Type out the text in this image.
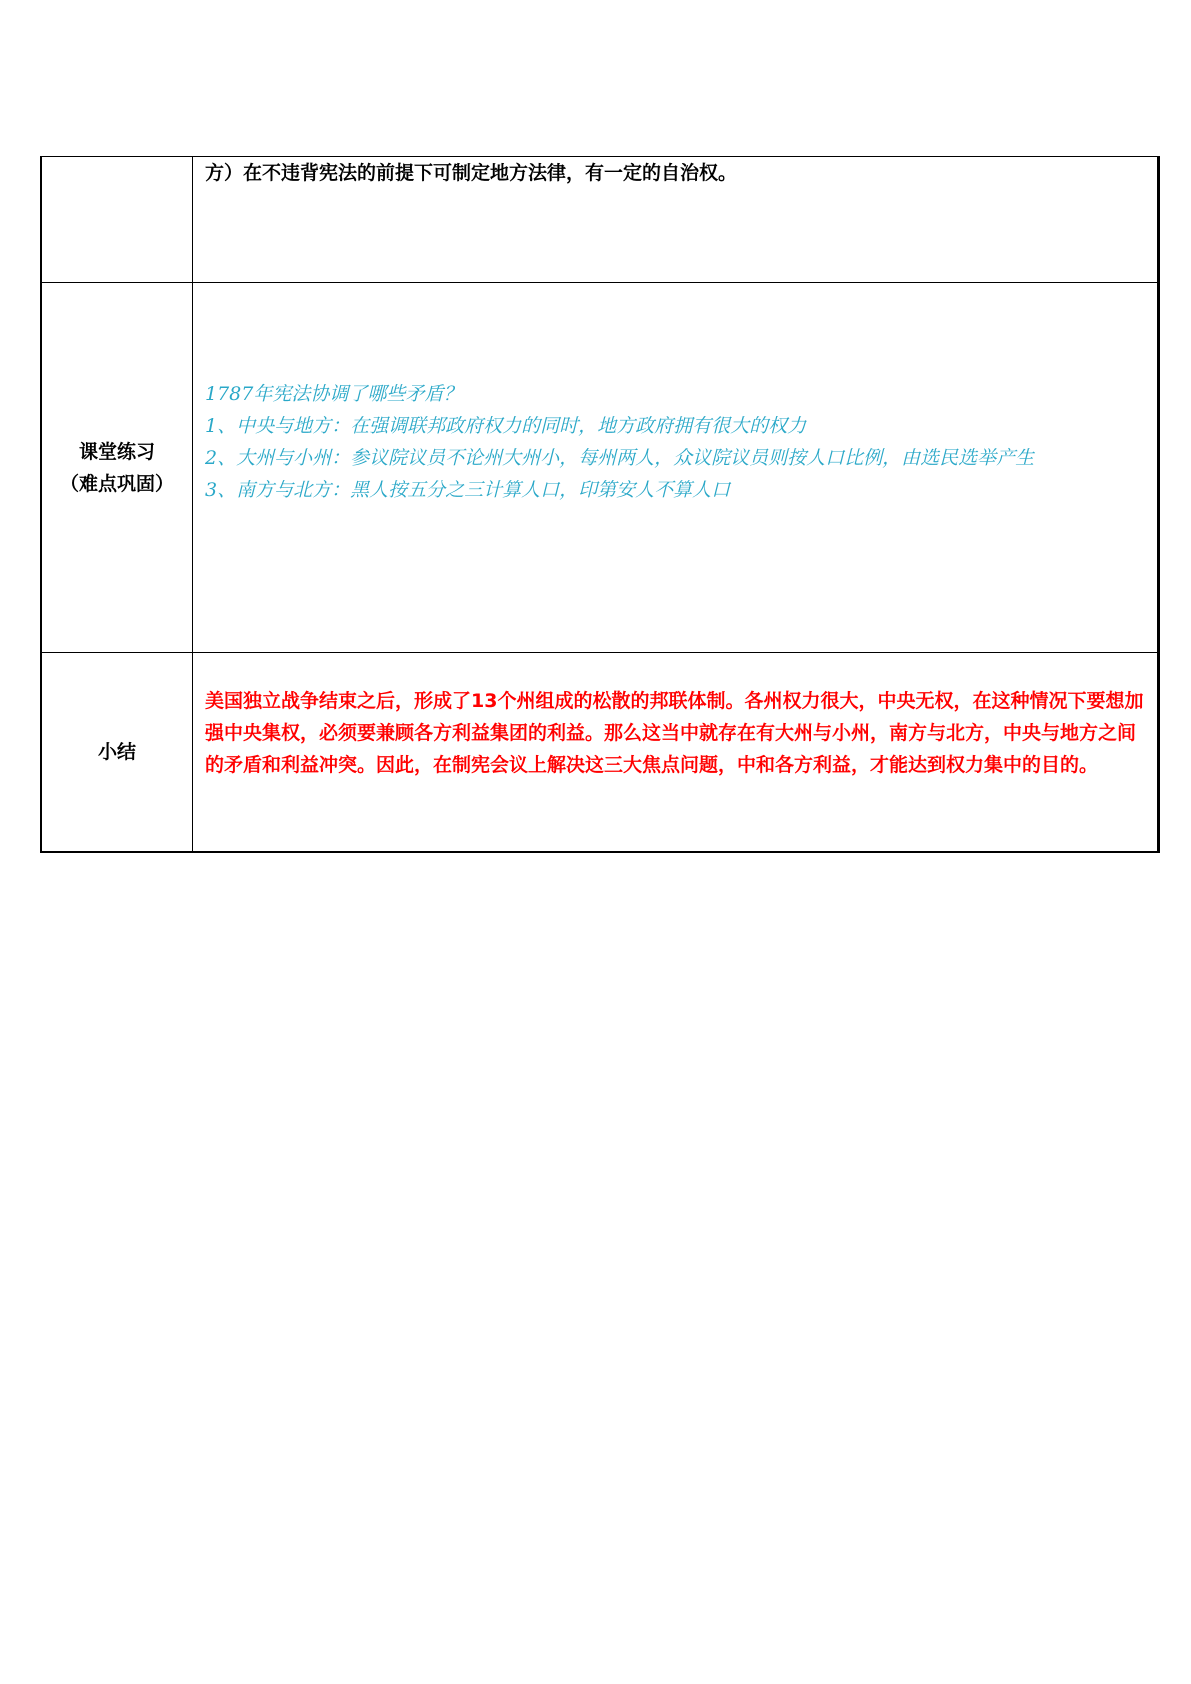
	方）在不违背宪法的前提下可制定地方法律，有一定的自治权。

课堂练习
（难点巩固）	1787年宪法协调了哪些矛盾？
1、中央与地方：在强调联邦政府权力的同时，地方政府拥有很大的权力
2、大州与小州：参议院议员不论州大州小，每州两人，众议院议员则按人口比例，由选民选举产生
3、南方与北方：黑人按五分之三计算人口，印第安人不算人口

小结	美国独立战争结束之后，形成了13个州组成的松散的邦联体制。各州权力很大，中央无权，在这种情况下要想加强中央集权，必须要兼顾各方利益集团的利益。那么这当中就存在有大州与小州，南方与北方，中央与地方之间的矛盾和利益冲突。因此，在制宪会议上解决这三大焦点问题，中和各方利益，才能达到权力集中的目的。
